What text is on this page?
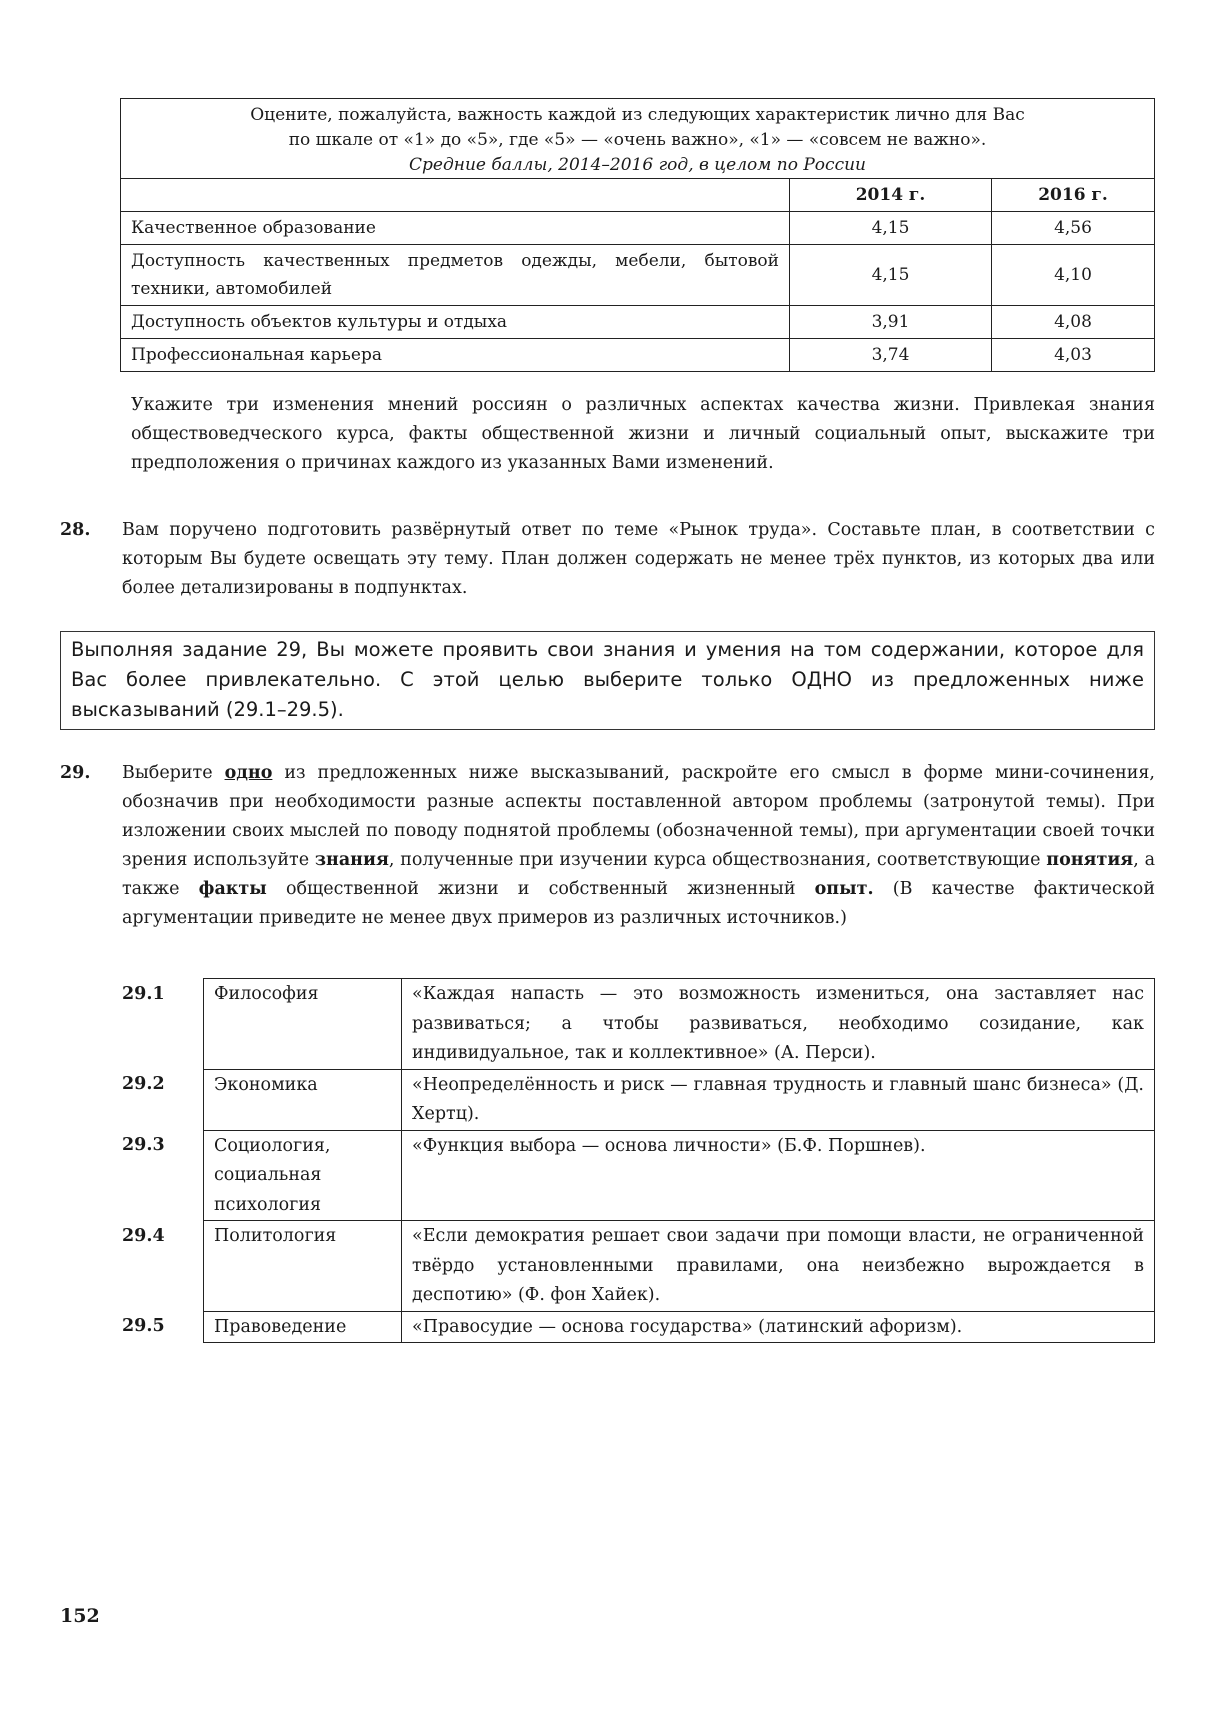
Оцените, пожалуйста, важность каждой из следующих характеристик лично для Вас
по шкале от «1» до «5», где «5» — «очень важно», «1» — «совсем не важно».
Средние баллы, 2014–2016 год, в целом по России		

	2014 г.	2016 г.
Качественное образование	4,15	4,56
Доступность качественных предметов одежды, мебели, бытовой техники, автомобилей	4,15	4,10
Доступность объектов культуры и отдыха	3,91	4,08
Профессиональная карьера	3,74	4,03
Укажите три изменения мнений россиян о различных аспектах качества жизни. Привлекая знания обществоведческого курса, факты общественной жизни и личный социальный опыт, выскажите три предположения о причинах каждого из указанных Вами изменений.
28. Вам поручено подготовить развёрнутый ответ по теме «Рынок труда». Составьте план, в соответствии с которым Вы будете освещать эту тему. План должен содержать не менее трёх пунктов, из которых два или более детализированы в подпунктах.
Выполняя задание 29, Вы можете проявить свои знания и умения на том содержании, которое для Вас более привлекательно. С этой целью выберите только ОДНО из предложенных ниже высказываний (29.1–29.5).
29. Выберите одно из предложенных ниже высказываний, раскройте его смысл в форме мини-сочинения, обозначив при необходимости разные аспекты поставленной автором проблемы (затронутой темы). При изложении своих мыслей по поводу поднятой проблемы (обозначенной темы), при аргументации своей точки зрения используйте знания, полученные при изучении курса обществознания, соответствующие понятия, а также факты общественной жизни и собственный жизненный опыт. (В качестве фактической аргументации приведите не менее двух примеров из различных источников.)
29.1	Философия	«Каждая напасть — это возможность измениться, она заставляет нас развиваться; а чтобы развиваться, необходимо созидание, как индивидуальное, так и коллективное» (А. Перси).
29.2	Экономика	«Неопределённость и риск — главная трудность и главный шанс бизнеса» (Д. Хертц).
29.3	Социология, социальная психология	«Функция выбора — основа личности» (Б.Ф. Поршнев).
29.4	Политология	«Если демократия решает свои задачи при помощи власти, не ограниченной твёрдо установленными правилами, она неизбежно вырождается в деспотию» (Ф. фон Хайек).
29.5	Правоведение	«Правосудие — основа государства» (латинский афоризм).
152
